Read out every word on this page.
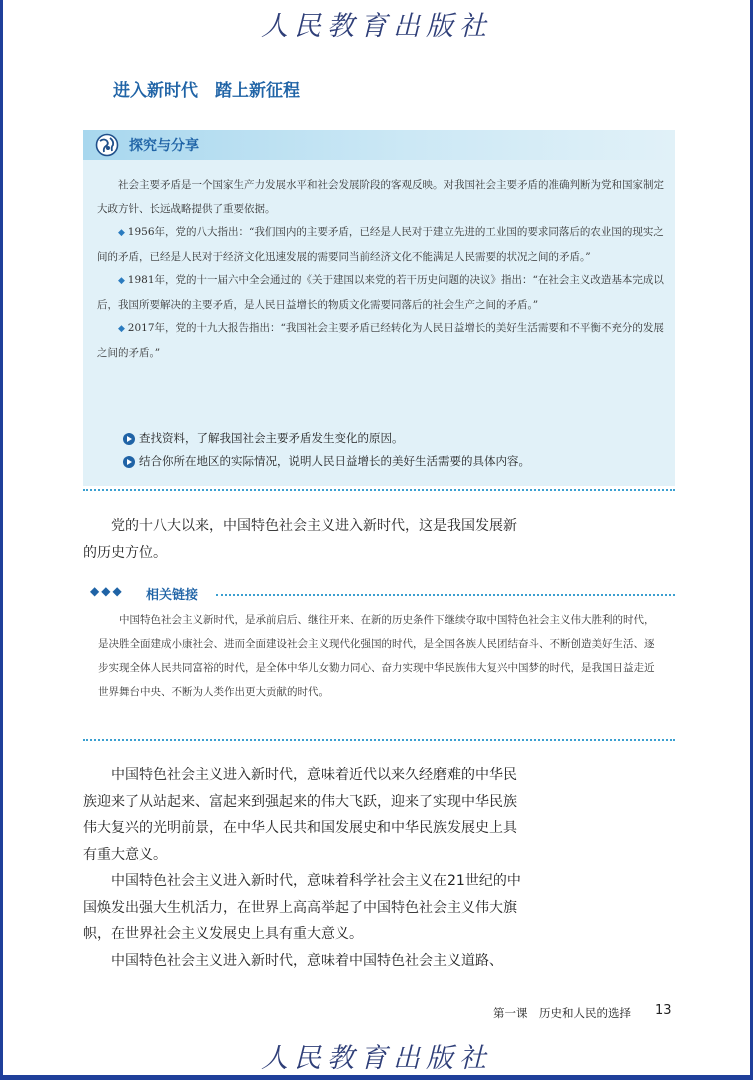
人民教育出版社
进入新时代　踏上新征程
探究与分享

社会主要矛盾是一个国家生产力发展水平和社会发展阶段的客观反映。对我国社会主要矛盾的准确判断为党和国家制定大政方针、长远战略提供了重要依据。

◆ 1956年，党的八大指出：“我们国内的主要矛盾，已经是人民对于建立先进的工业国的要求同落后的农业国的现实之间的矛盾，已经是人民对于经济文化迅速发展的需要同当前经济文化不能满足人民需要的状况之间的矛盾。”

◆ 1981年，党的十一届六中全会通过的《关于建国以来党的若干历史问题的决议》指出：“在社会主义改造基本完成以后，我国所要解决的主要矛盾，是人民日益增长的物质文化需要同落后的社会生产之间的矛盾。”

◆ 2017年，党的十九大报告指出：“我国社会主要矛盾已经转化为人民日益增长的美好生活需要和不平衡不充分的发展之间的矛盾。”

查找资料，了解我国社会主要矛盾发生变化的原因。
结合你所在地区的实际情况，说明人民日益增长的美好生活需要的具体内容。

党的十八大以来，中国特色社会主义进入新时代，这是我国发展新的历史方位。

◆◆◆ 相关链接

中国特色社会主义新时代，是承前启后、继往开来、在新的历史条件下继续夺取中国特色社会主义伟大胜利的时代，是决胜全面建成小康社会、进而全面建设社会主义现代化强国的时代，是全国各族人民团结奋斗、不断创造美好生活、逐步实现全体人民共同富裕的时代，是全体中华儿女勠力同心、奋力实现中华民族伟大复兴中国梦的时代，是我国日益走近世界舞台中央、不断为人类作出更大贡献的时代。

中国特色社会主义进入新时代，意味着近代以来久经磨难的中华民族迎来了从站起来、富起来到强起来的伟大飞跃，迎来了实现中华民族伟大复兴的光明前景，在中华人民共和国发展史和中华民族发展史上具有重大意义。

中国特色社会主义进入新时代，意味着科学社会主义在21世纪的中国焕发出强大生机活力，在世界上高高举起了中国特色社会主义伟大旗帜，在世界社会主义发展史上具有重大意义。

中国特色社会主义进入新时代，意味着中国特色社会主义道路、

第一课　历史和人民的选择 13
人民教育出版社
